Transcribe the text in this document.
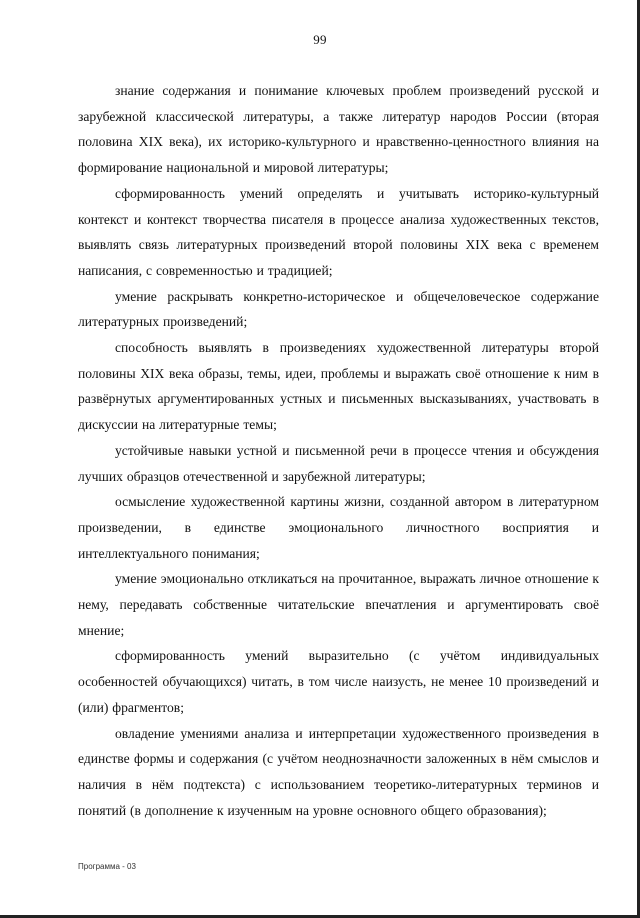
99

знание содержания и понимание ключевых проблем произведений русской и зарубежной классической литературы, а также литератур народов России (вторая половина XIX века), их историко-культурного и нравственно-ценностного влияния на формирование национальной и мировой литературы;

сформированность умений определять и учитывать историко-культурный контекст и контекст творчества писателя в процессе анализа художественных текстов, выявлять связь литературных произведений второй половины XIX века с временем написания, с современностью и традицией;

умение раскрывать конкретно-историческое и общечеловеческое содержание литературных произведений;

способность выявлять в произведениях художественной литературы второй половины XIX века образы, темы, идеи, проблемы и выражать своё отношение к ним в развёрнутых аргументированных устных и письменных высказываниях, участвовать в дискуссии на литературные темы;

устойчивые навыки устной и письменной речи в процессе чтения и обсуждения лучших образцов отечественной и зарубежной литературы;

осмысление художественной картины жизни, созданной автором в литературном произведении, в единстве эмоционального личностного восприятия и интеллектуального понимания;

умение эмоционально откликаться на прочитанное, выражать личное отношение к нему, передавать собственные читательские впечатления и аргументировать своё мнение;

сформированность умений выразительно (с учётом индивидуальных особенностей обучающихся) читать, в том числе наизусть, не менее 10 произведений и (или) фрагментов;

овладение умениями анализа и интерпретации художественного произведения в единстве формы и содержания (с учётом неоднозначности заложенных в нём смыслов и наличия в нём подтекста) с использованием теоретико-литературных терминов и понятий (в дополнение к изученным на уровне основного общего образования);

Программа - 03
